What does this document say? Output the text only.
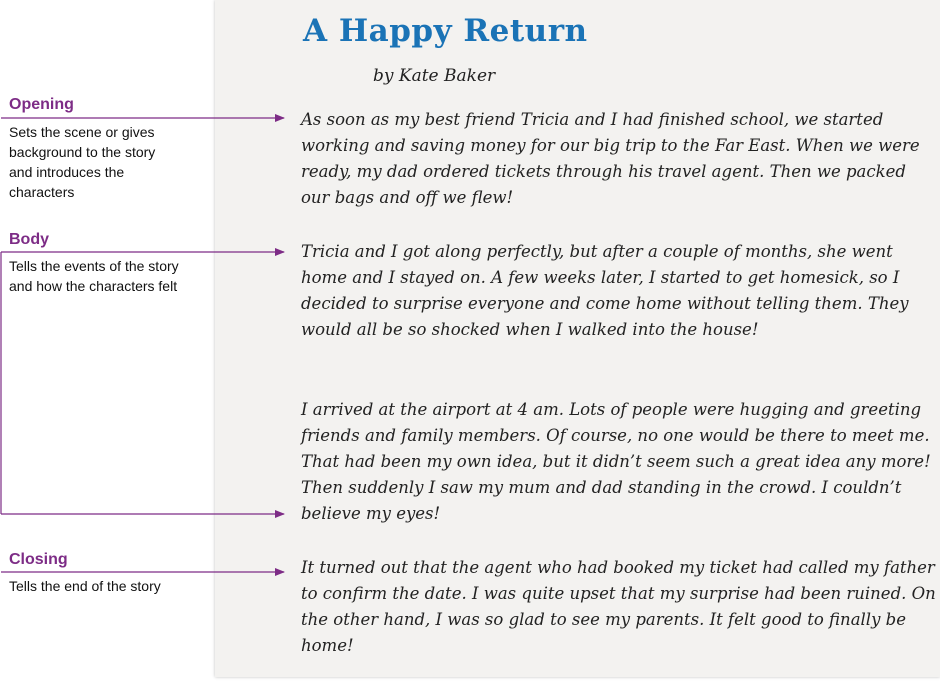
A Happy Return
by Kate Baker

As soon as my best friend Tricia and I had finished school, we started working and saving money for our big trip to the Far East. When we were ready, my dad ordered tickets through his travel agent. Then we packed our bags and off we flew!

Tricia and I got along perfectly, but after a couple of months, she went home and I stayed on. A few weeks later, I started to get homesick, so I decided to surprise everyone and come home without telling them. They would all be so shocked when I walked into the house!

I arrived at the airport at 4 am. Lots of people were hugging and greeting friends and family members. Of course, no one would be there to meet me. That had been my own idea, but it didn’t seem such a great idea any more! Then suddenly I saw my mum and dad standing in the crowd. I couldn’t believe my eyes!

It turned out that the agent who had booked my ticket had called my father to confirm the date. I was quite upset that my surprise had been ruined. On the other hand, I was so glad to see my parents. It felt good to finally be home!

Opening
Sets the scene or gives background to the story and introduces the characters
Body
Tells the events of the story and how the characters felt
Closing
Tells the end of the story
